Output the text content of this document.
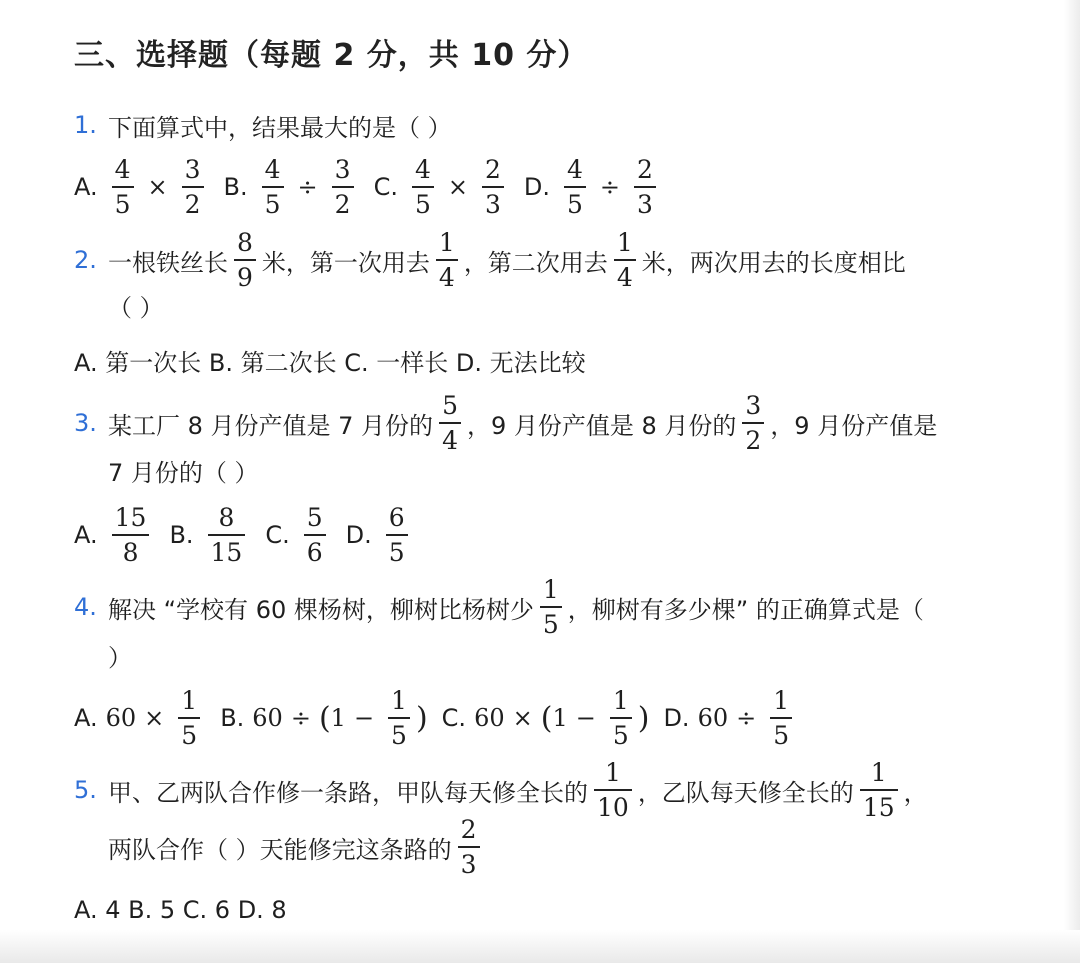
三、选择题（每题 2 分，共 10 分）
1. 下面算式中，结果最大的是（ ）
A. $\frac{4}{5} \times \frac{3}{2} B$. $\frac{4}{5} \div \frac{3}{2} C$. $\frac{4}{5} \times \frac{2}{3} D$. $\frac{4}{5} \div \frac{2}{3}$
2. 一根铁丝长 $\frac{8}{9}$ 米，第一次用去 $\frac{1}{4}$ ，第二次用去 $\frac{1}{4}$ 米，两次用去的长度相比
（ ）
A. 第一次长 B. 第二次长 C. 一样长 D. 无法比较
3. 某工厂 8 月份产值是 7 月份的 $\frac{5}{4}$ ，9 月份产值是 8 月份的 $\frac{3}{2}$ ，9 月份产值是
7 月份的（ ）
A. $\frac{15}{8} B$. $\frac{8}{15} C$. $\frac{5}{6} D$. $\frac{6}{5}$
4. 解决 “学校有 60 棵杨树，柳树比杨树少 $\frac{1}{5}$ ，柳树有多少棵” 的正确算式是（
）
A. $60 \times \frac{1}{5} B$. 60 ÷ ( $1 - \frac{1}{5}$ ) C. 60 × ( $1 - \frac{1}{5}$ ) D. $60 \div \frac{1}{5}$
5. 甲、乙两队合作修一条路，甲队每天修全长的 $\frac{1}{10}$ ，乙队每天修全长的 $\frac{1}{15}$ ，
两队合作（ ）天能修完这条路的 $\frac{2}{3}$
A. 4 B. 5 C. 6 D. 8
